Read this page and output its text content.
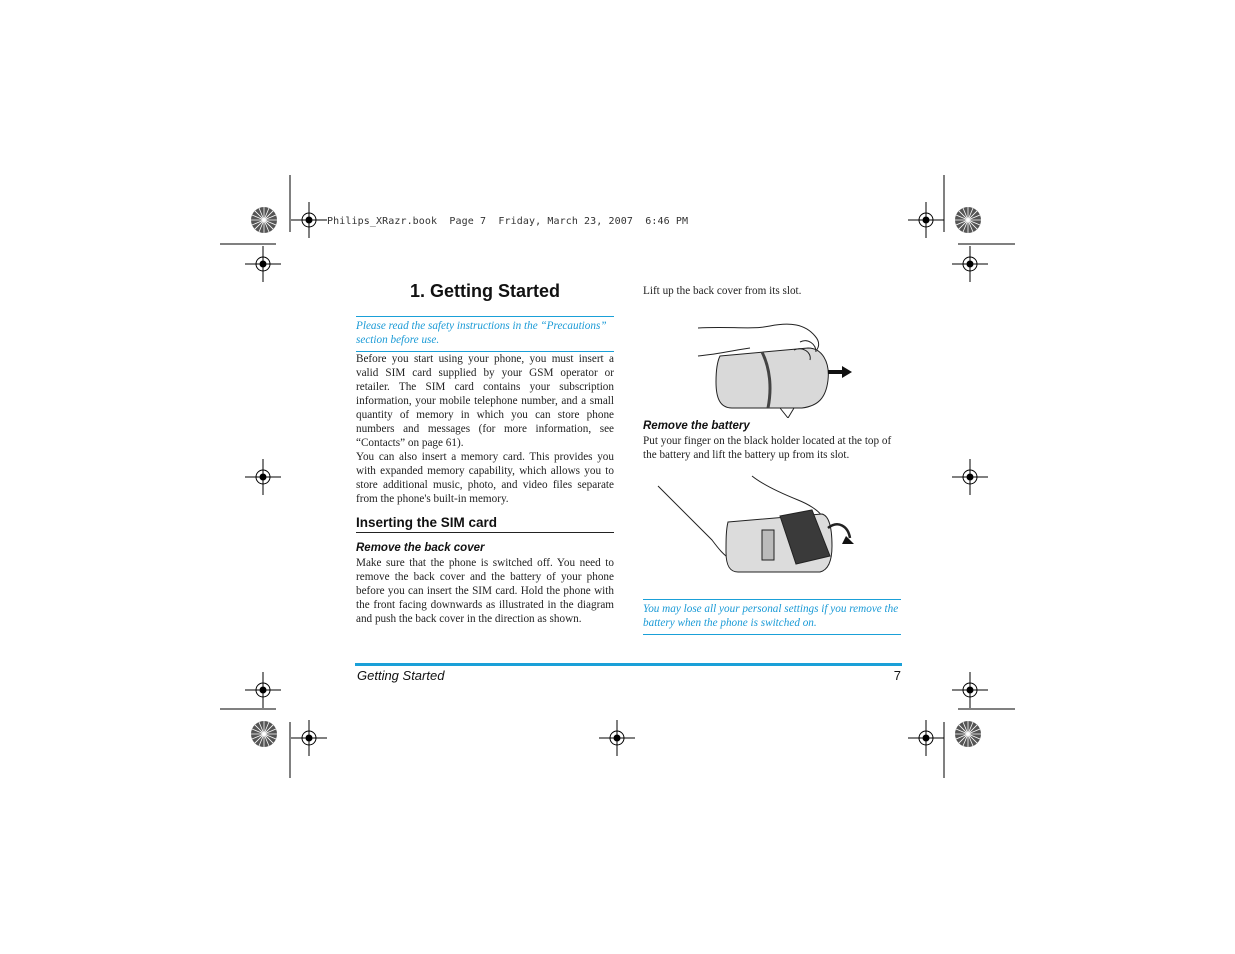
Philips_XRazr.book  Page 7  Friday, March 23, 2007  6:46 PM
1. Getting Started
Please read the safety instructions in the “Precautions” section before use.
Before you start using your phone, you must insert a valid SIM card supplied by your GSM operator or retailer. The SIM card contains your subscription information, your mobile telephone number, and a small quantity of memory in which you can store phone numbers and messages (for more information, see “Contacts” on page 61).
You can also insert a memory card. This provides you with expanded memory capability, which allows you to store additional music, photo, and video files separate from the phone's built-in memory.
Inserting the SIM card
Remove the back cover
Make sure that the phone is switched off. You need to remove the back cover and the battery of your phone before you can insert the SIM card. Hold the phone with the front facing downwards as illustrated in the diagram and push the back cover in the direction as shown.
Lift up the back cover from its slot.
Remove the battery
Put your finger on the black holder located at the top of the battery and lift the battery up from its slot.
You may lose all your personal settings if you remove the battery when the phone is switched on.
Getting Started	7
